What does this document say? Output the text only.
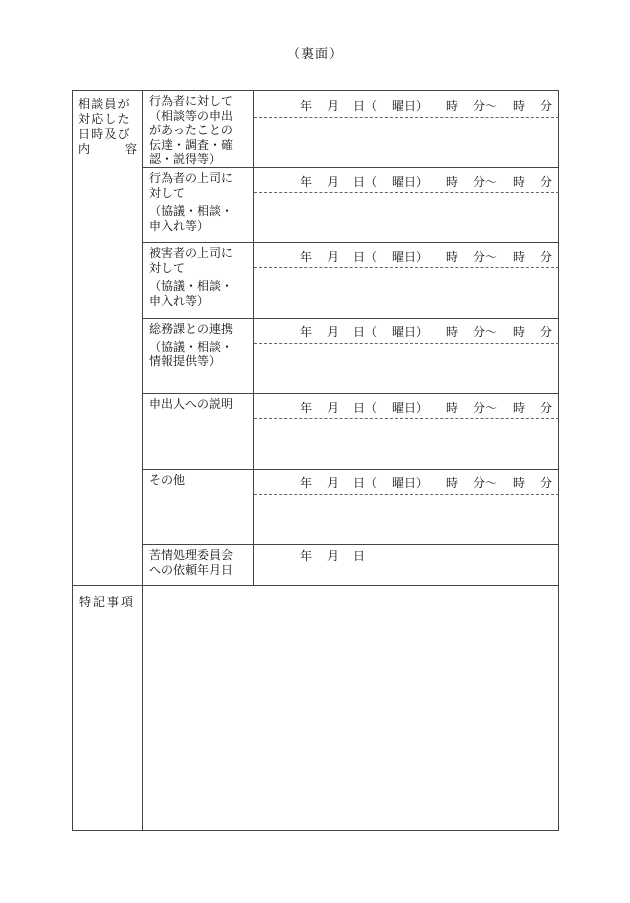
（裏面）
相談員が
対応した
日時及び
内	容
行為者に対して
（相談等の申出
があったことの
伝達・調査・確
認・説得等）
行為者の上司に
対して
（協議・相談・
申入れ等）
被害者の上司に
対して
（協議・相談・
申入れ等）
総務課との連携
（協議・相談・
情報提供等）
申出人への説明
その他
苦情処理委員会
への依頼年月日

年 月 日（ 曜日） 時 分～ 時 分

年 月 日（ 曜日） 時 分～ 時 分

年 月 日（ 曜日） 時 分～ 時 分

年 月 日（ 曜日） 時 分～ 時 分

年 月 日（ 曜日） 時 分～ 時 分

年 月 日（ 曜日） 時 分～ 時 分

年 月 日

特記事項
